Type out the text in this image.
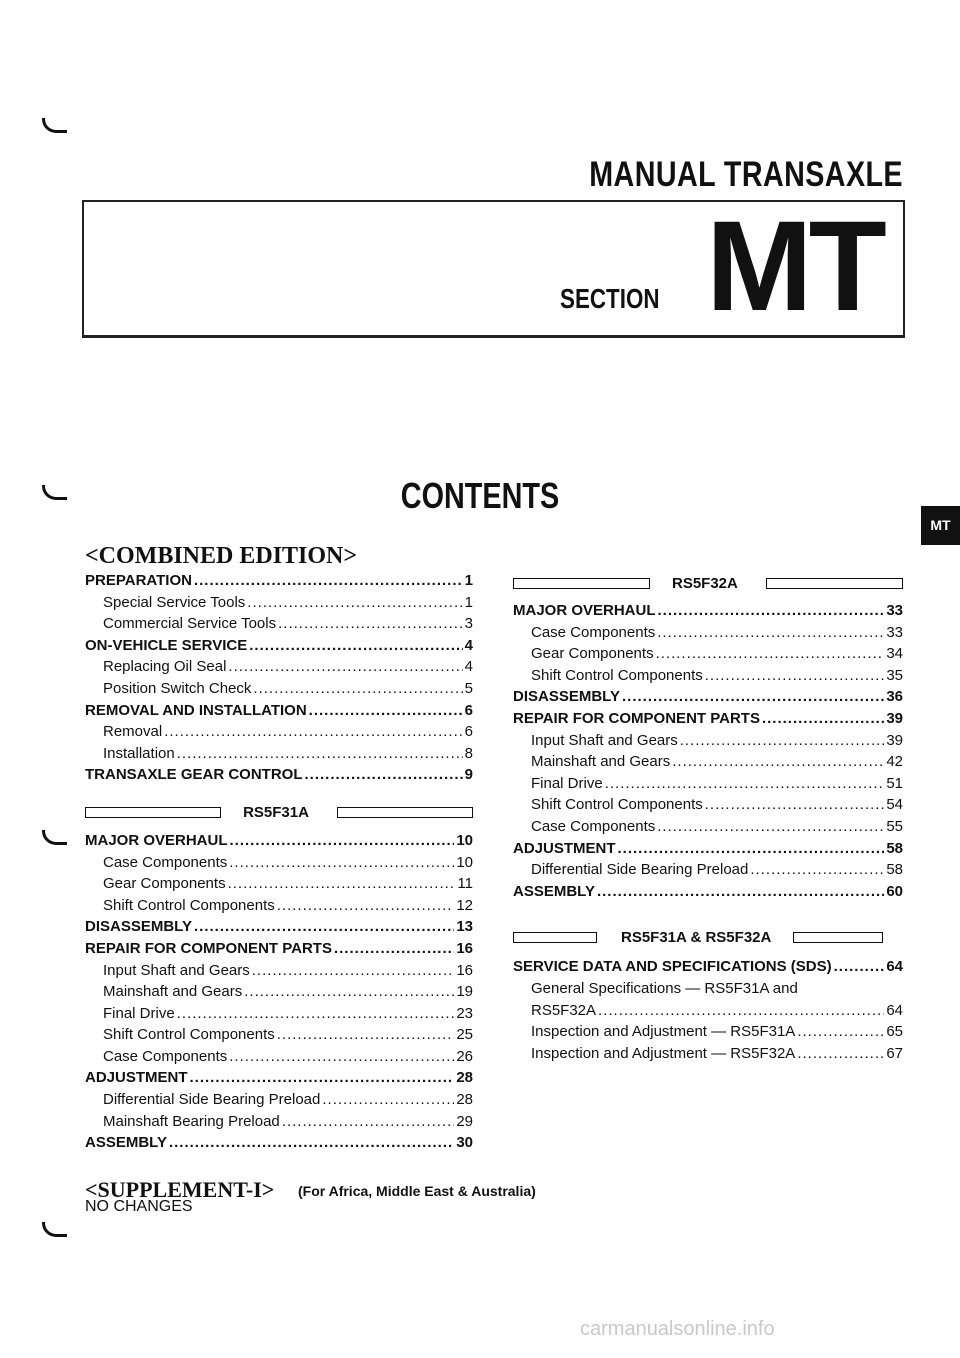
MANUAL TRANSAXLE
SECTION MT
CONTENTS
MT
<COMBINED EDITION>
PREPARATION .....	1
Special Service Tools .....	1
Commercial Service Tools .....	3
ON-VEHICLE SERVICE .....	4
Replacing Oil Seal .....	4
Position Switch Check .....	5
REMOVAL AND INSTALLATION .....	6
Removal .....	6
Installation .....	8
TRANSAXLE GEAR CONTROL .....	9
RS5F31A
MAJOR OVERHAUL .....	10
Case Components .....	10
Gear Components .....	11
Shift Control Components .....	12
DISASSEMBLY .....	13
REPAIR FOR COMPONENT PARTS .....	16
Input Shaft and Gears .....	16
Mainshaft and Gears .....	19
Final Drive .....	23
Shift Control Components .....	25
Case Components .....	26
ADJUSTMENT .....	28
Differential Side Bearing Preload .....	28
Mainshaft Bearing Preload .....	29
ASSEMBLY .....	30
RS5F32A
MAJOR OVERHAUL .....	33
Case Components .....	33
Gear Components .....	34
Shift Control Components .....	35
DISASSEMBLY .....	36
REPAIR FOR COMPONENT PARTS .....	39
Input Shaft and Gears .....	39
Mainshaft and Gears .....	42
Final Drive .....	51
Shift Control Components .....	54
Case Components .....	55
ADJUSTMENT .....	58
Differential Side Bearing Preload .....	58
ASSEMBLY .....	60
RS5F31A & RS5F32A
SERVICE DATA AND SPECIFICATIONS (SDS) .....	64
General Specifications — RS5F31A and
RS5F32A .....	64
Inspection and Adjustment — RS5F31A .....	65
Inspection and Adjustment — RS5F32A .....	67
<SUPPLEMENT-I> (For Africa, Middle East & Australia)
NO CHANGES
carmanualsonline.info
